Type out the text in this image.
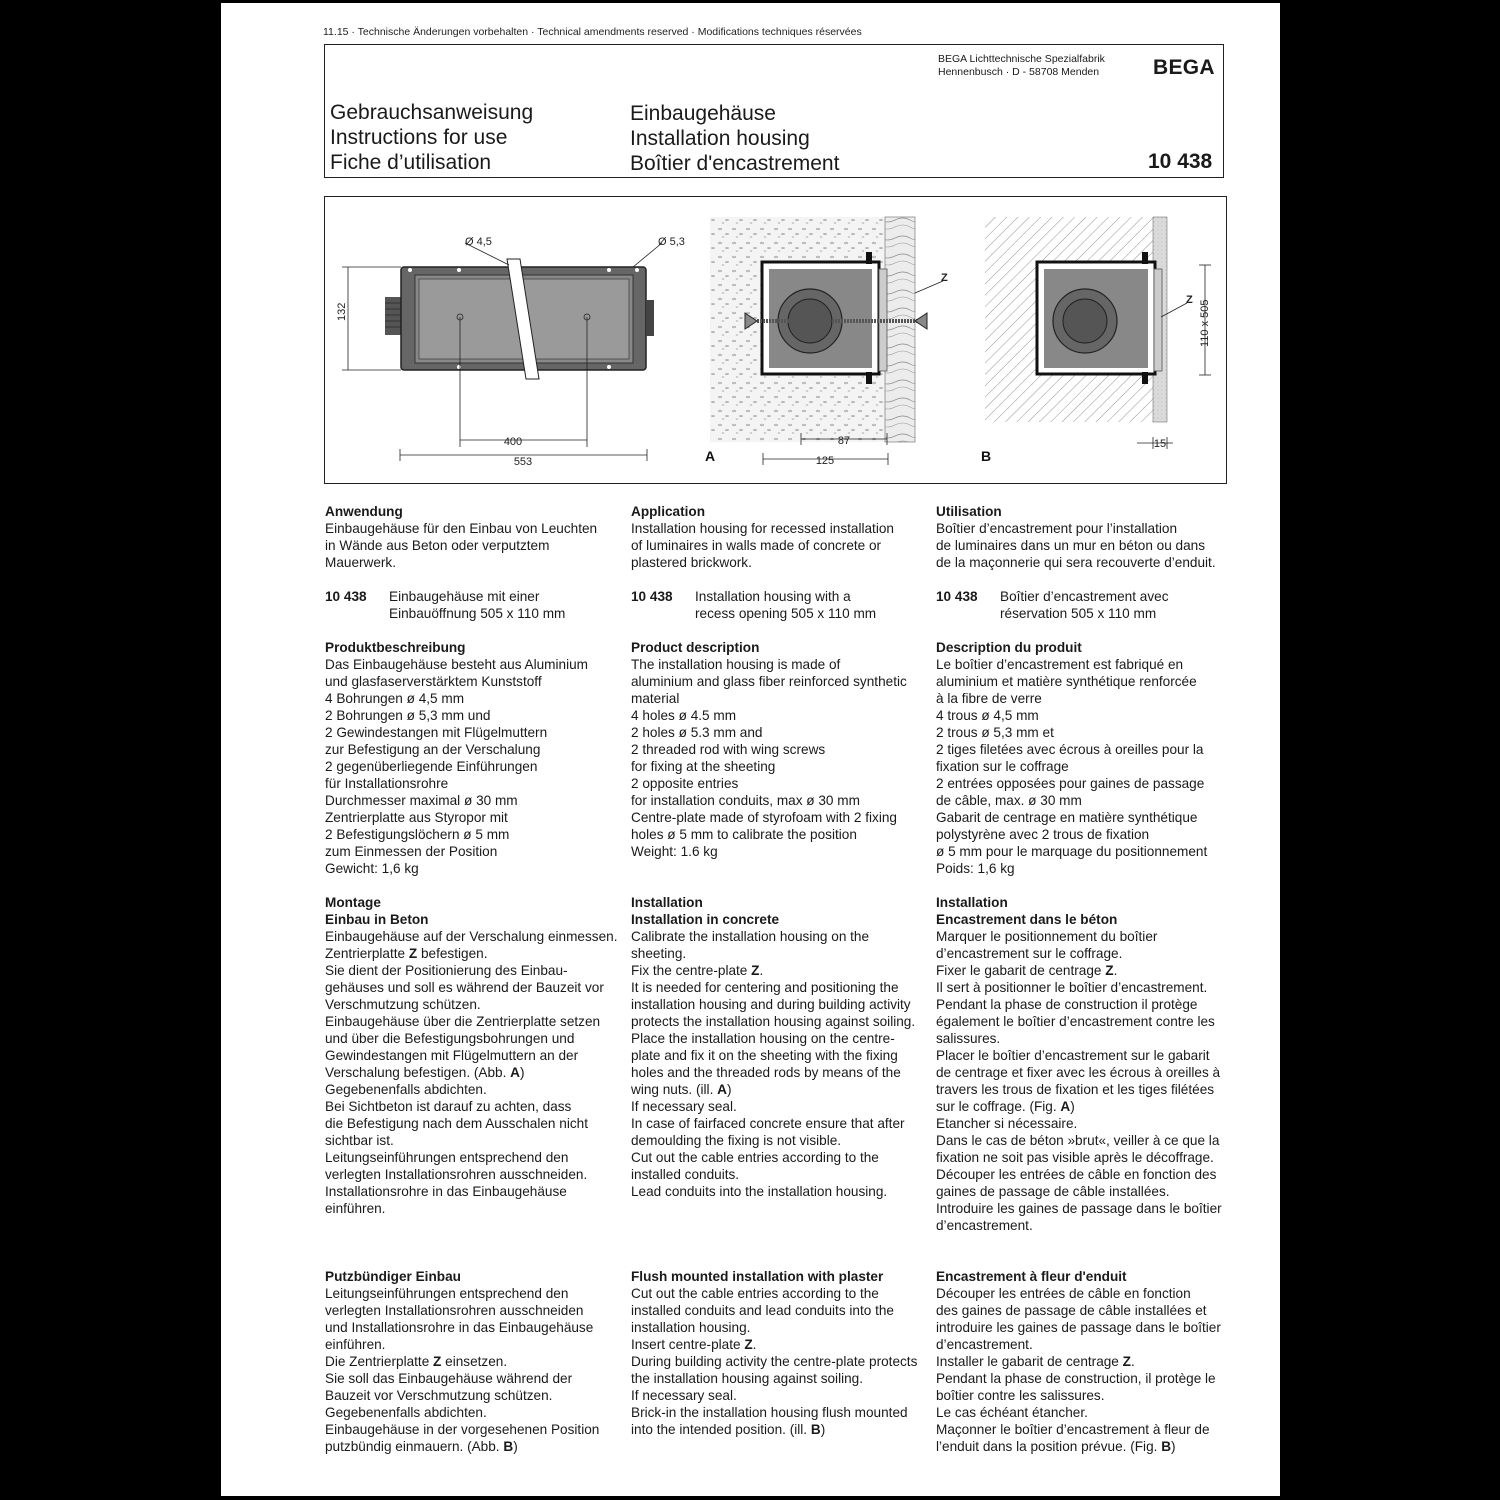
11.15 · Technische Änderungen vorbehalten · Technical amendments reserved · Modifications techniques réservées
BEGA Lichttechnische Spezialfabrik
Hennenbusch · D - 58708 Menden	BEGA
Gebrauchsanweisung
Instructions for use
Fiche d’utilisation
Einbaugehäuse
Installation housing
Boîtier d'encastrement	10 438
Ø 4,5	Ø 5,3
132
400
553
Z
87
125
A
Z 110 x 505
15
B

Anwendung

Einbaugehäuse für den Einbau von Leuchten

in Wände aus Beton oder verputztem

Mauerwerk.

10 438	Einbaugehäuse mit einer

Einbauöffnung 505 x 110 mm

Produktbeschreibung

Das Einbaugehäuse besteht aus Aluminium

und glasfaserverstärktem Kunststoff

4 Bohrungen ø 4,5 mm

2 Bohrungen ø 5,3 mm und

2 Gewindestangen mit Flügelmuttern

zur Befestigung an der Verschalung

2 gegenüberliegende Einführungen

für Installationsrohre

Durchmesser maximal ø 30 mm

Zentrierplatte aus Styropor mit

2 Befestigungslöchern ø 5 mm

zum Einmessen der Position

Gewicht: 1,6 kg

Montage

Einbau in Beton

Einbaugehäuse auf der Verschalung einmessen.

Zentrierplatte Z befestigen.

Sie dient der Positionierung des Einbau-

gehäuses und soll es während der Bauzeit vor

Verschmutzung schützen.

Einbaugehäuse über die Zentrierplatte setzen

und über die Befestigungsbohrungen und

Gewindestangen mit Flügelmuttern an der

Verschalung befestigen. (Abb. A)

Gegebenenfalls abdichten.

Bei Sichtbeton ist darauf zu achten, dass

die Befestigung nach dem Ausschalen nicht

sichtbar ist.

Leitungseinführungen entsprechend den

verlegten Installationsrohren ausschneiden.

Installationsrohre in das Einbaugehäuse

einführen.

Putzbündiger Einbau

Leitungseinführungen entsprechend den

verlegten Installationsrohren ausschneiden

und Installationsrohre in das Einbaugehäuse

einführen.

Die Zentrierplatte Z einsetzen.

Sie soll das Einbaugehäuse während der

Bauzeit vor Verschmutzung schützen.

Gegebenenfalls abdichten.

Einbaugehäuse in der vorgesehenen Position

putzbündig einmauern. (Abb. B)

Application

Installation housing for recessed installation

of luminaires in walls made of concrete or

plastered brickwork.

10 438	Installation housing with a

recess opening 505 x 110 mm

Product description

The installation housing is made of

aluminium and glass fiber reinforced synthetic

material

4 holes ø 4.5 mm

2 holes ø 5.3 mm and

2 threaded rod with wing screws

for fixing at the sheeting

2 opposite entries

for installation conduits, max ø 30 mm

Centre-plate made of styrofoam with 2 fixing

holes ø 5 mm to calibrate the position

Weight: 1.6 kg

Installation

Installation in concrete

Calibrate the installation housing on the

sheeting.

Fix the centre-plate Z.

It is needed for centering and positioning the

installation housing and during building activity

protects the installation housing against soiling.

Place the installation housing on the centre-

plate and fix it on the sheeting with the fixing

holes and the threaded rods by means of the

wing nuts. (ill. A)

If necessary seal.

In case of fairfaced concrete ensure that after

demoulding the fixing is not visible.

Cut out the cable entries according to the

installed conduits.

Lead conduits into the installation housing.

Flush mounted installation with plaster

Cut out the cable entries according to the

installed conduits and lead conduits into the

installation housing.

Insert centre-plate Z.

During building activity the centre-plate protects

the installation housing against soiling.

If necessary seal.

Brick-in the installation housing flush mounted

into the intended position. (ill. B)

Utilisation

Boîtier d’encastrement pour l’installation

de luminaires dans un mur en béton ou dans

de la maçonnerie qui sera recouverte d’enduit.

10 438	Boîtier d’encastrement avec

réservation 505 x 110 mm

Description du produit

Le boîtier d’encastrement est fabriqué en

aluminium et matière synthétique renforcée

à la fibre de verre

4 trous ø 4,5 mm

2 trous ø 5,3 mm et

2 tiges filetées avec écrous à oreilles pour la

fixation sur le coffrage

2 entrées opposées pour gaines de passage

de câble, max. ø 30 mm

Gabarit de centrage en matière synthétique

polystyrène avec 2 trous de fixation

ø 5 mm pour le marquage du positionnement

Poids: 1,6 kg

Installation

Encastrement dans le béton

Marquer le positionnement du boîtier

d’encastrement sur le coffrage.

Fixer le gabarit de centrage Z.

Il sert à positionner le boîtier d’encastrement.

Pendant la phase de construction il protège

également le boîtier d’encastrement contre les

salissures.

Placer le boîtier d’encastrement sur le gabarit

de centrage et fixer avec les écrous à oreilles à

travers les trous de fixation et les tiges filétées

sur le coffrage. (Fig. A)

Etancher si nécessaire.

Dans le cas de béton »brut«, veiller à ce que la

fixation ne soit pas visible après le décoffrage.

Découper les entrées de câble en fonction des

gaines de passage de câble installées.

Introduire les gaines de passage dans le boîtier

d’encastrement.

Encastrement à fleur d'enduit

Découper les entrées de câble en fonction

des gaines de passage de câble installées et

introduire les gaines de passage dans le boîtier

d’encastrement.

Installer le gabarit de centrage Z.

Pendant la phase de construction, il protège le

boîtier contre les salissures.

Le cas échéant étancher.

Maçonner le boîtier d’encastrement à fleur de

l’enduit dans la position prévue. (Fig. B)
